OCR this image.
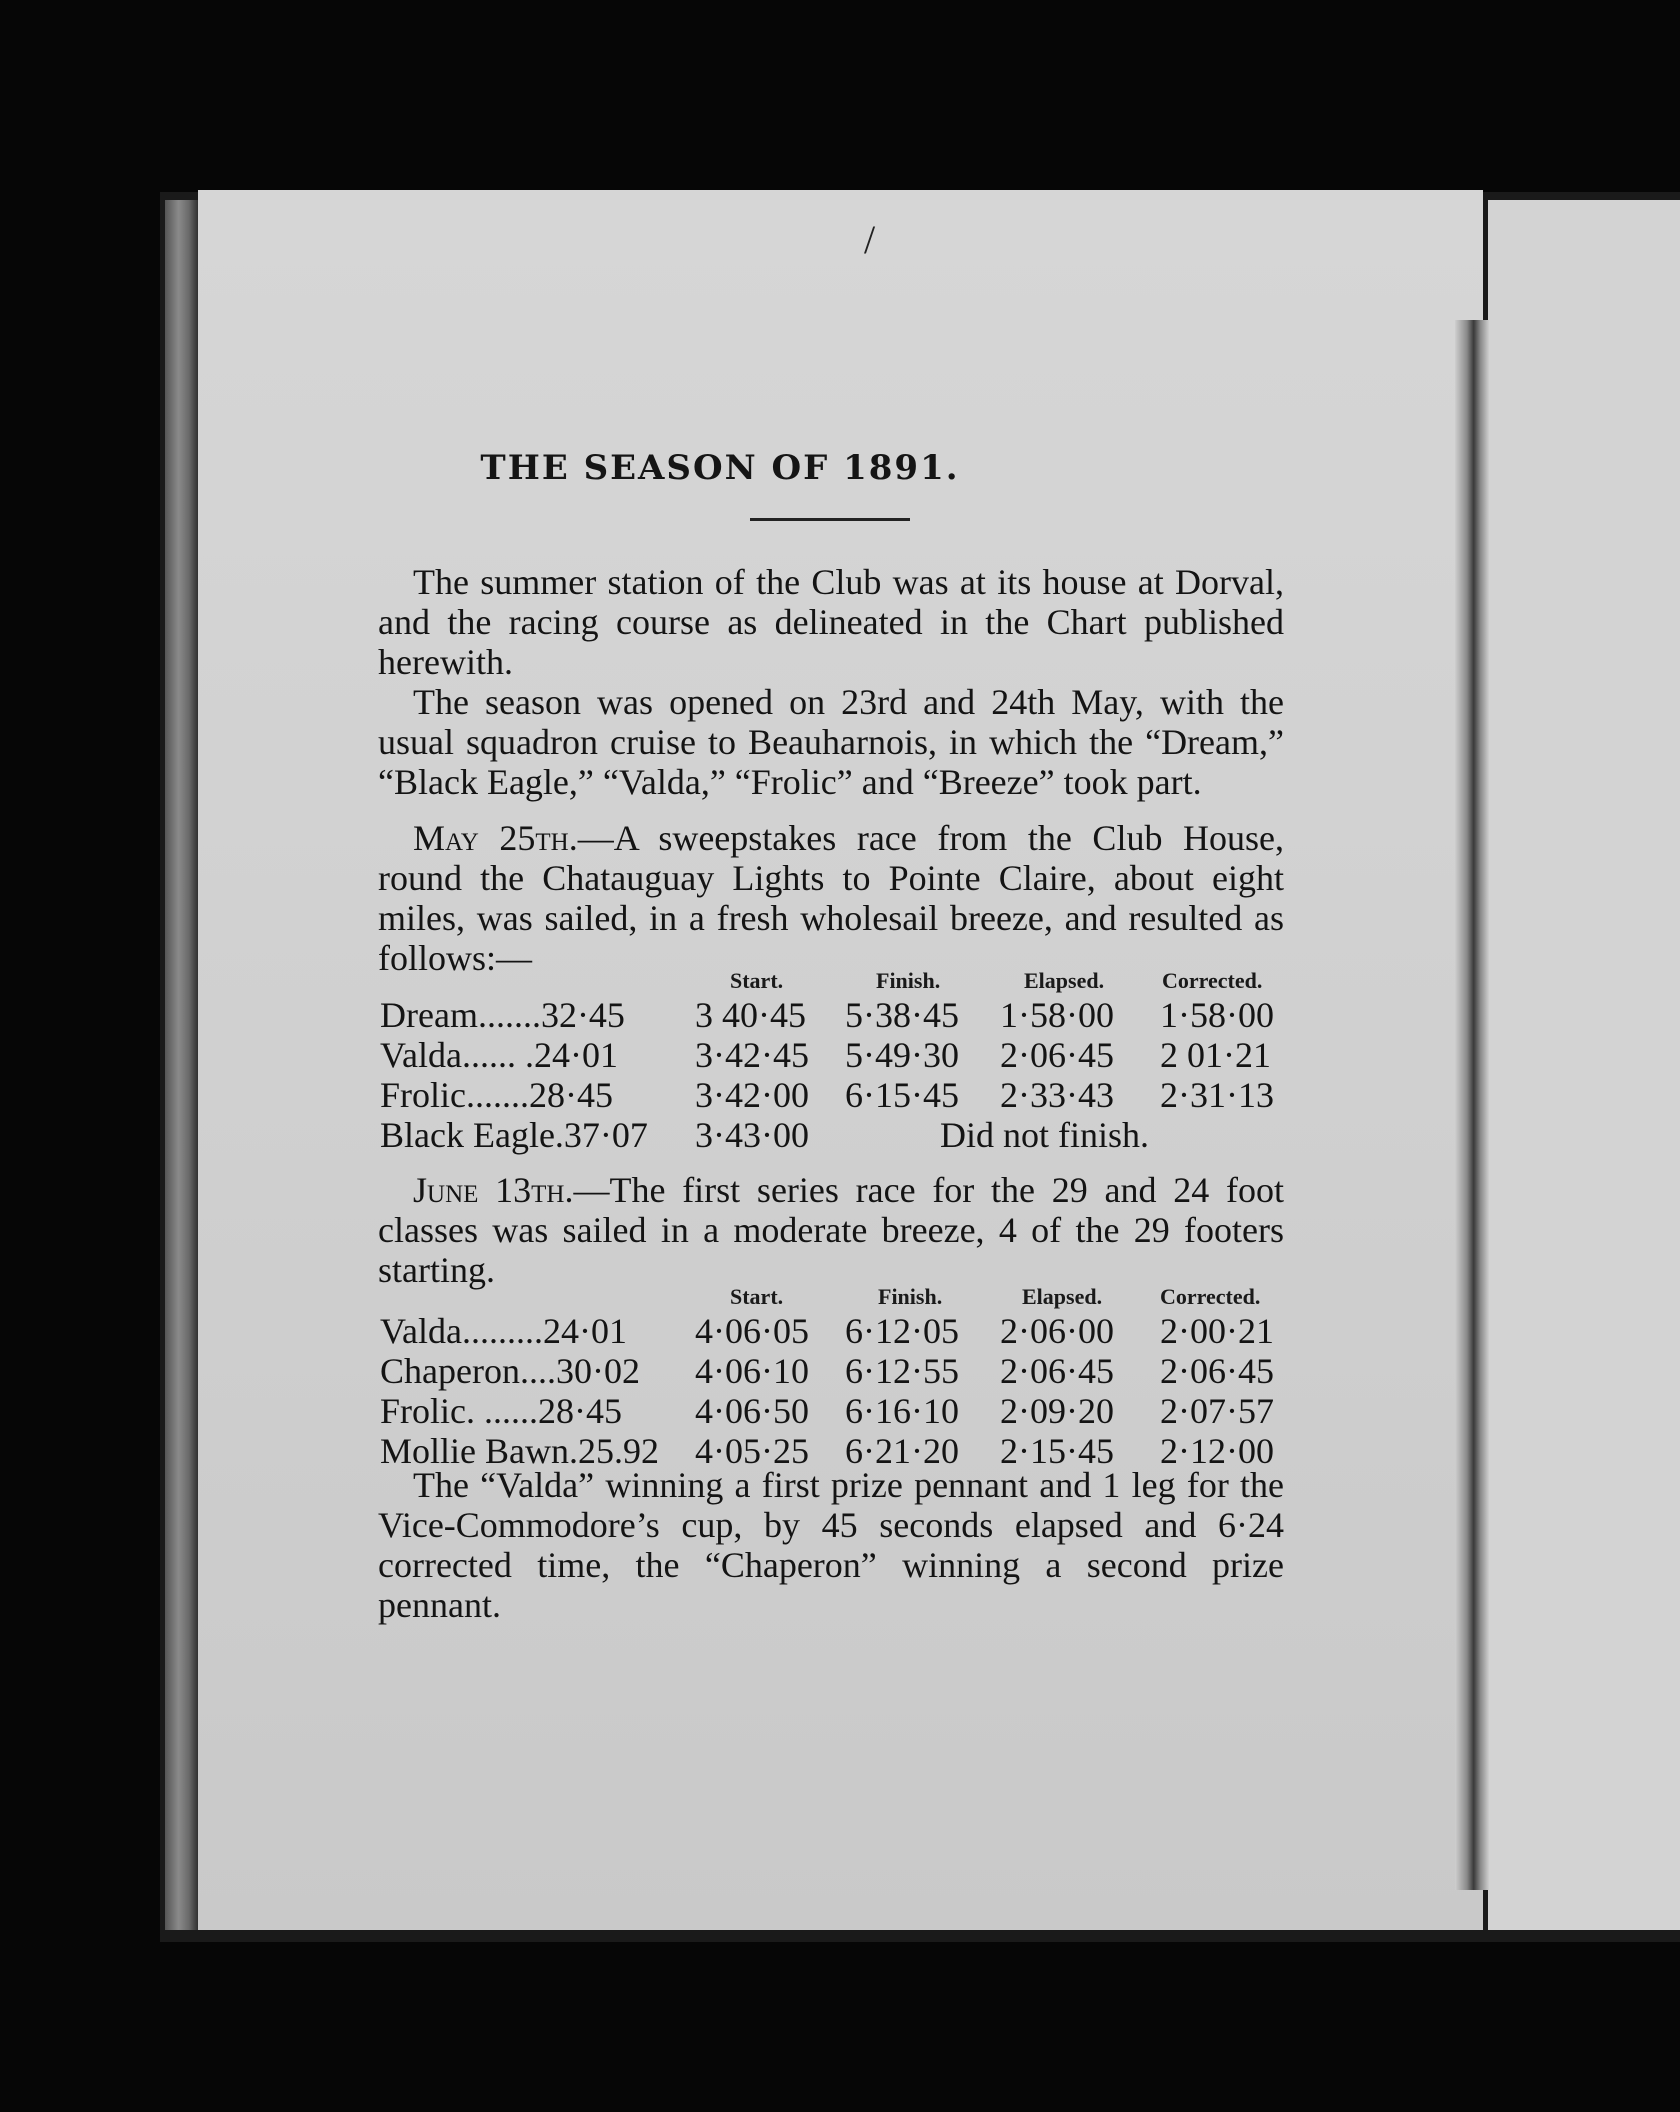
/
THE SEASON OF 1891.

The summer station of the Club was at its house at Dorval, and the racing course as delineated in the Chart published herewith.

The season was opened on 23rd and 24th May, with the usual squadron cruise to Beauharnois, in which the “Dream,” “Black Eagle,” “Valda,” “Frolic” and “Breeze” took part.

May 25th.—A sweepstakes race from the Club House, round the Chatauguay Lights to Pointe Claire, about eight miles, was sailed, in a fresh wholesail breeze, and resulted as follows:—

Start.	Finish.	Elapsed.	Corrected.
Dream.......32·45 3 40·45 5·38·45 1·58·00 1·58·00
Valda...... .24·01 3·42·45 5·49·30 2·06·45 2 01·21
Frolic.......28·45 3·42·00 6·15·45 2·33·43 2·31·13
Black Eagle.37·07 3·43·00	Did not finish.

June 13th.—The first series race for the 29 and 24 foot classes was sailed in a moderate breeze, 4 of the 29 footers starting.

Start.	Finish.	Elapsed.	Corrected.
Valda.........24·01 4·06·05 6·12·05 2·06·00 2·00·21
Chaperon....30·02 4·06·10 6·12·55 2·06·45 2·06·45
Frolic. ......28·45 4·06·50 6·16·10 2·09·20 2·07·57
Mollie Bawn.25.92 4·05·25 6·21·20 2·15·45 2·12·00

The “Valda” winning a first prize pennant and 1 leg for the Vice-Commodore’s cup, by 45 seconds elapsed and 6·24 corrected time, the “Chaperon” winning a second prize pennant.
